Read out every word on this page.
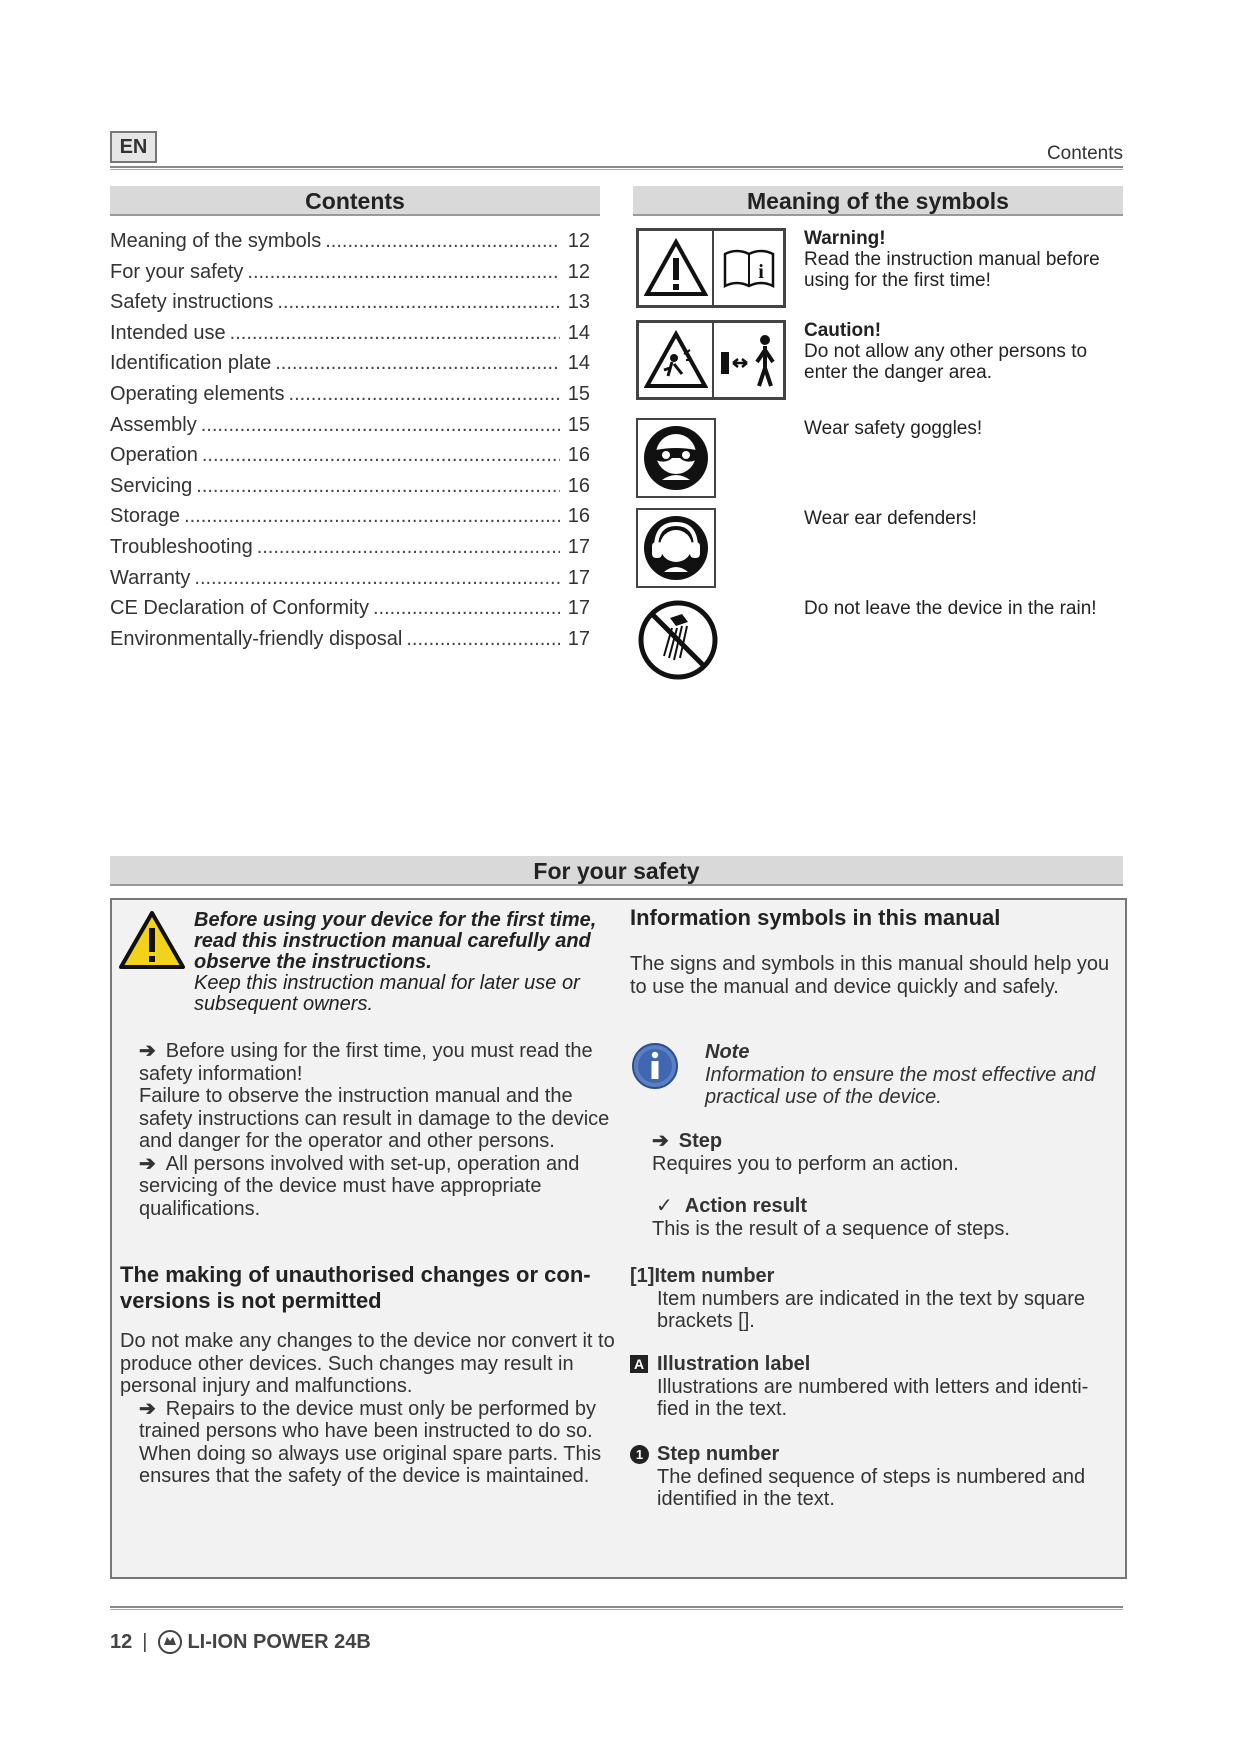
EN	Contents
Contents
Meaning of the symbols .....	12
For your safety .....	12
Safety instructions .....	13
Intended use .....	14
Identification plate .....	14
Operating elements .....	15
Assembly .....	15
Operation .....	16
Servicing .....	16
Storage .....	16
Troubleshooting .....	17
Warranty .....	17
CE Declaration of Conformity .....	17
Environmentally-friendly disposal .....	17
Meaning of the symbols
i
Warning!
Read the instruction manual before using for the first time!
Caution!
Do not allow any other persons to enter the danger area.
Wear safety goggles!
Wear ear defenders!
Do not leave the device in the rain!
For your safety
Before using your device for the first time, read this instruction manual carefully and observe the instructions.
Keep this instruction manual for later use or subsequent owners.
➔ Before using for the first time, you must read the safety information!
Failure to observe the instruction manual and the safety instructions can result in damage to the device and danger for the operator and other persons.
➔ All persons involved with set-up, operation and servicing of the device must have appropriate qualifications.
The making of unauthorised changes or con-versions is not permitted
Do not make any changes to the device nor convert it to produce other devices. Such changes may result in personal injury and malfunctions.
➔ Repairs to the device must only be performed by trained persons who have been instructed to do so. When doing so always use original spare parts. This ensures that the safety of the device is maintained.
Information symbols in this manual
The signs and symbols in this manual should help you to use the manual and device quickly and safely.
Note
Information to ensure the most effective and practical use of the device.
➔ Step
Requires you to perform an action.
✓ Action result
This is the result of a sequence of steps.
[1]Item number
Item numbers are indicated in the text by square brackets [].
A Illustration label
Illustrations are numbered with letters and identi-fied in the text.
1 Step number
The defined sequence of steps is numbered and identified in the text.
12 | LI-ION POWER 24B
